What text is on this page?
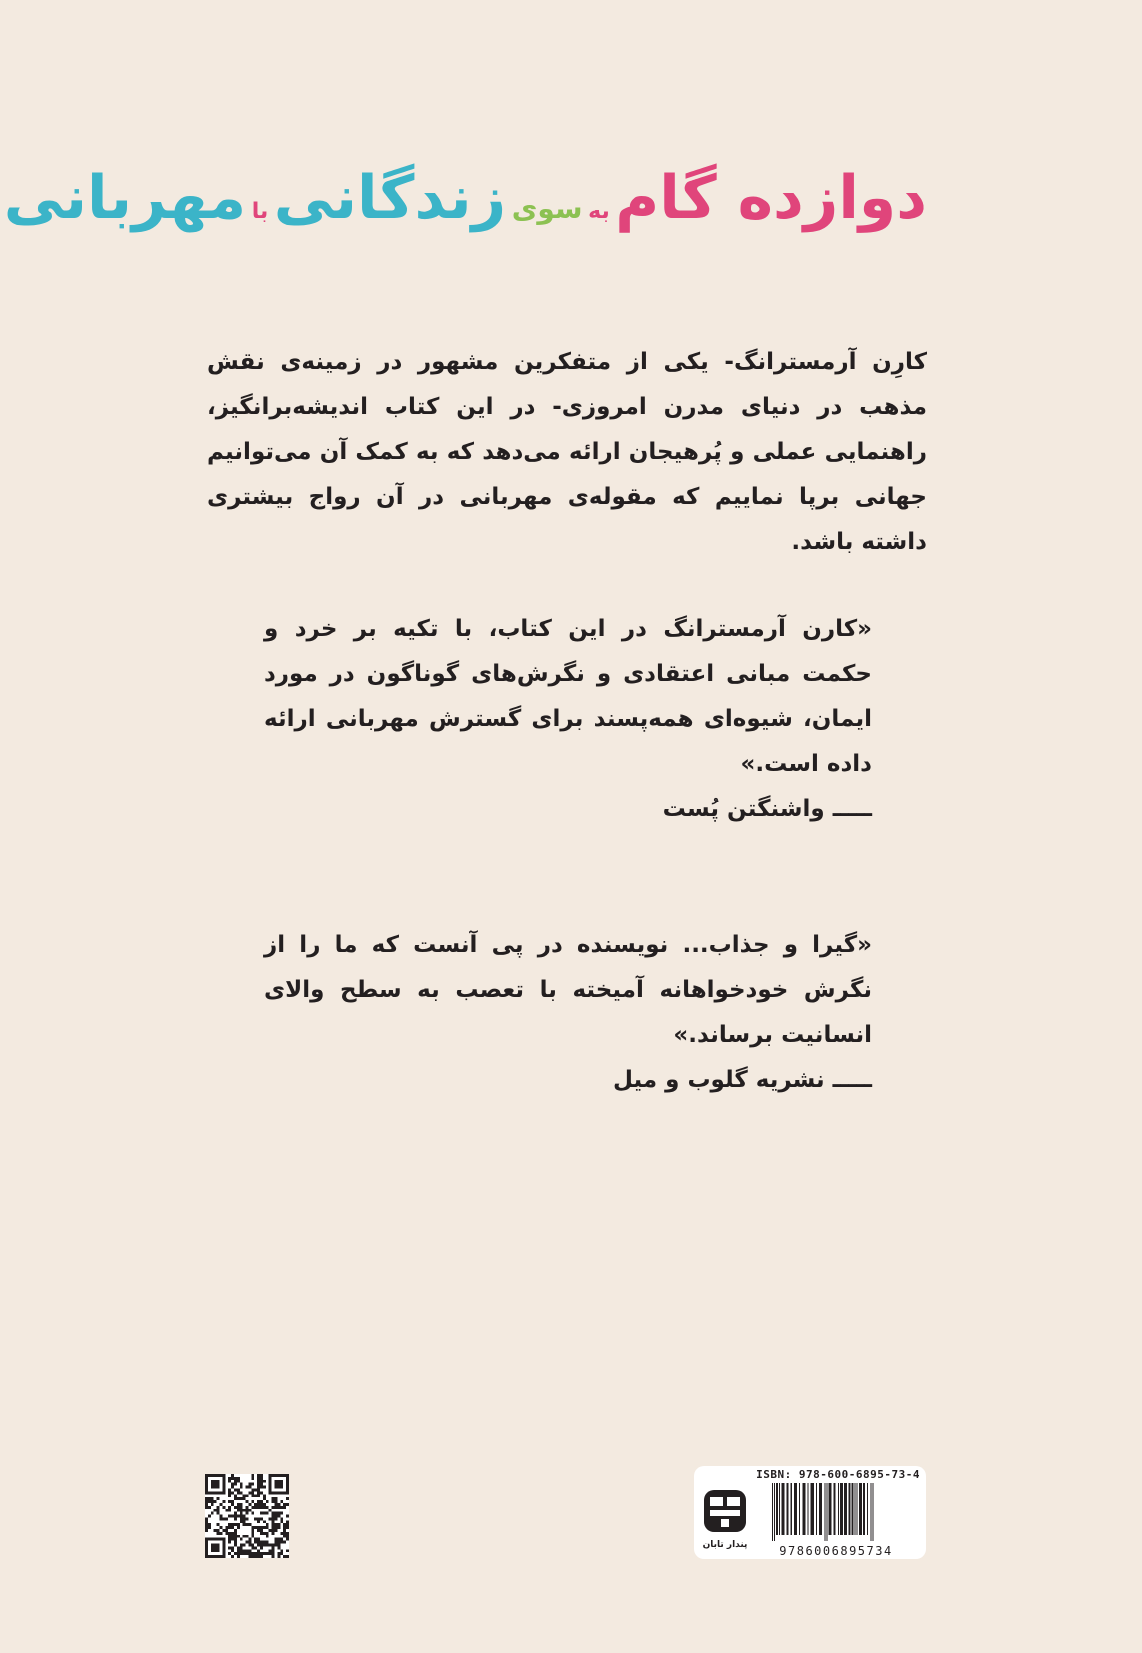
دوازده گام به سوی زندگانی با مهربانی
کارِن آرمسترانگ- یکی از متفکرین مشهور در زمینه‌ی نقش مذهب در دنیای مدرن امروزی- در این کتاب اندیشه‌برانگیز، راهنمایی عملی و پُرهیجان ارائه می‌دهد که به کمک آن می‌توانیم جهانی برپا نماییم که مقوله‌ی مهربانی در آن رواج بیشتری داشته باشد.
«کارن آرمسترانگ در این کتاب، با تکیه بر خرد و حکمت مبانی اعتقادی و نگرش‌های گوناگون در مورد ایمان، شیوه‌ای همه‌پسند برای گسترش مهربانی ارائه داده است.»
ـــــ واشنگتن پُست
«گیرا و جذاب... نویسنده در پی آنست که ما را از نگرش خودخواهانه آمیخته با تعصب به سطح والای انسانیت برساند.»
ـــــ نشریه گلوب و میل
ISBN: 978-600-6895-73-4
پندار تابان	9786006895734
